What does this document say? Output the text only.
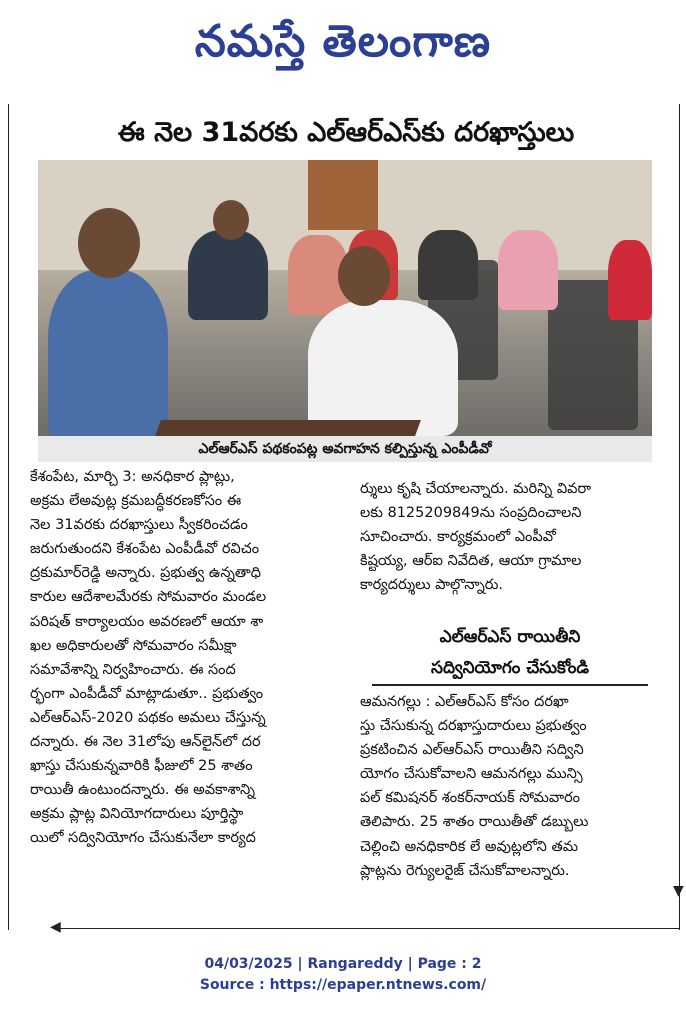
నమస్తే తెలంగాణ
▼
◀
ఈ నెల 31వరకు ఎల్‌ఆర్‌ఎస్‌కు దరఖాస్తులు
ఎల్‌ఆర్‌ఎస్ పథకంపట్ల అవగాహన కల్పిస్తున్న ఎంపీడీవో
కేశంపేట, మార్చి 3: అనధికార ప్లాట్లు,
అక్రమ లేఅవుట్ల క్రమబద్ధీకరణకోసం ఈ
నెల 31వరకు దరఖాస్తులు స్వీకరించడం
జరుగుతుందని కేశంపేట ఎంపీడీవో రవిచం
ద్రకుమార్‌రెడ్డి అన్నారు. ప్రభుత్వ ఉన్నతాధి
కారుల ఆదేశాలమేరకు సోమవారం మండల
పరిషత్ కార్యాలయం అవరణలో ఆయా శా
ఖల అధికారులతో సోమవారం సమీక్షా
సమావేశాన్ని నిర్వహించారు. ఈ సంద
ర్భంగా ఎంపీడీవో మాట్లాడుతూ.. ప్రభుత్వం
ఎల్‌ఆర్‌ఎస్-2020 పథకం అమలు చేస్తున్న
దన్నారు. ఈ నెల 31లోపు ఆన్‌లైన్‌లో దర
ఖాస్తు చేసుకున్నవారికి ఫీజులో 25 శాతం
రాయితీ ఉంటుందన్నారు. ఈ అవకాశాన్ని
అక్రమ ప్లాట్ల వినియోగదారులు పూర్తిస్థా
యిలో సద్వినియోగం చేసుకునేలా కార్యద
ర్శులు కృషి చేయాలన్నారు. మరిన్ని వివరా
లకు 8125209849ను సంప్రదించాలని
సూచించారు. కార్యక్రమంలో ఎంపీవో
కిష్టయ్య, ఆర్ఐ నివేదిత, ఆయా గ్రామాల
కార్యదర్శులు పాల్గొన్నారు.
ఎల్‌ఆర్‌ఎస్ రాయితీని
సద్వినియోగం చేసుకోండి
ఆమనగల్లు : ఎల్‌ఆర్‌ఎస్ కోసం దరఖా
స్తు చేసుకున్న దరఖాస్తుదారులు ప్రభుత్వం
ప్రకటించిన ఎల్‌ఆర్‌ఎస్ రాయితీని సద్విని
యోగం చేసుకోవాలని ఆమనగల్లు మున్సి
పల్ కమిషనర్ శంకర్‌నాయక్ సోమవారం
తెలిపారు. 25 శాతం రాయితీతో డబ్బులు
చెల్లించి అనధికారిక లే అవుట్లలోని తమ
ప్లాట్లను రెగ్యులరైజ్ చేసుకోవాలన్నారు.
04/03/2025 | Rangareddy | Page : 2
Source : https://epaper.ntnews.com/
